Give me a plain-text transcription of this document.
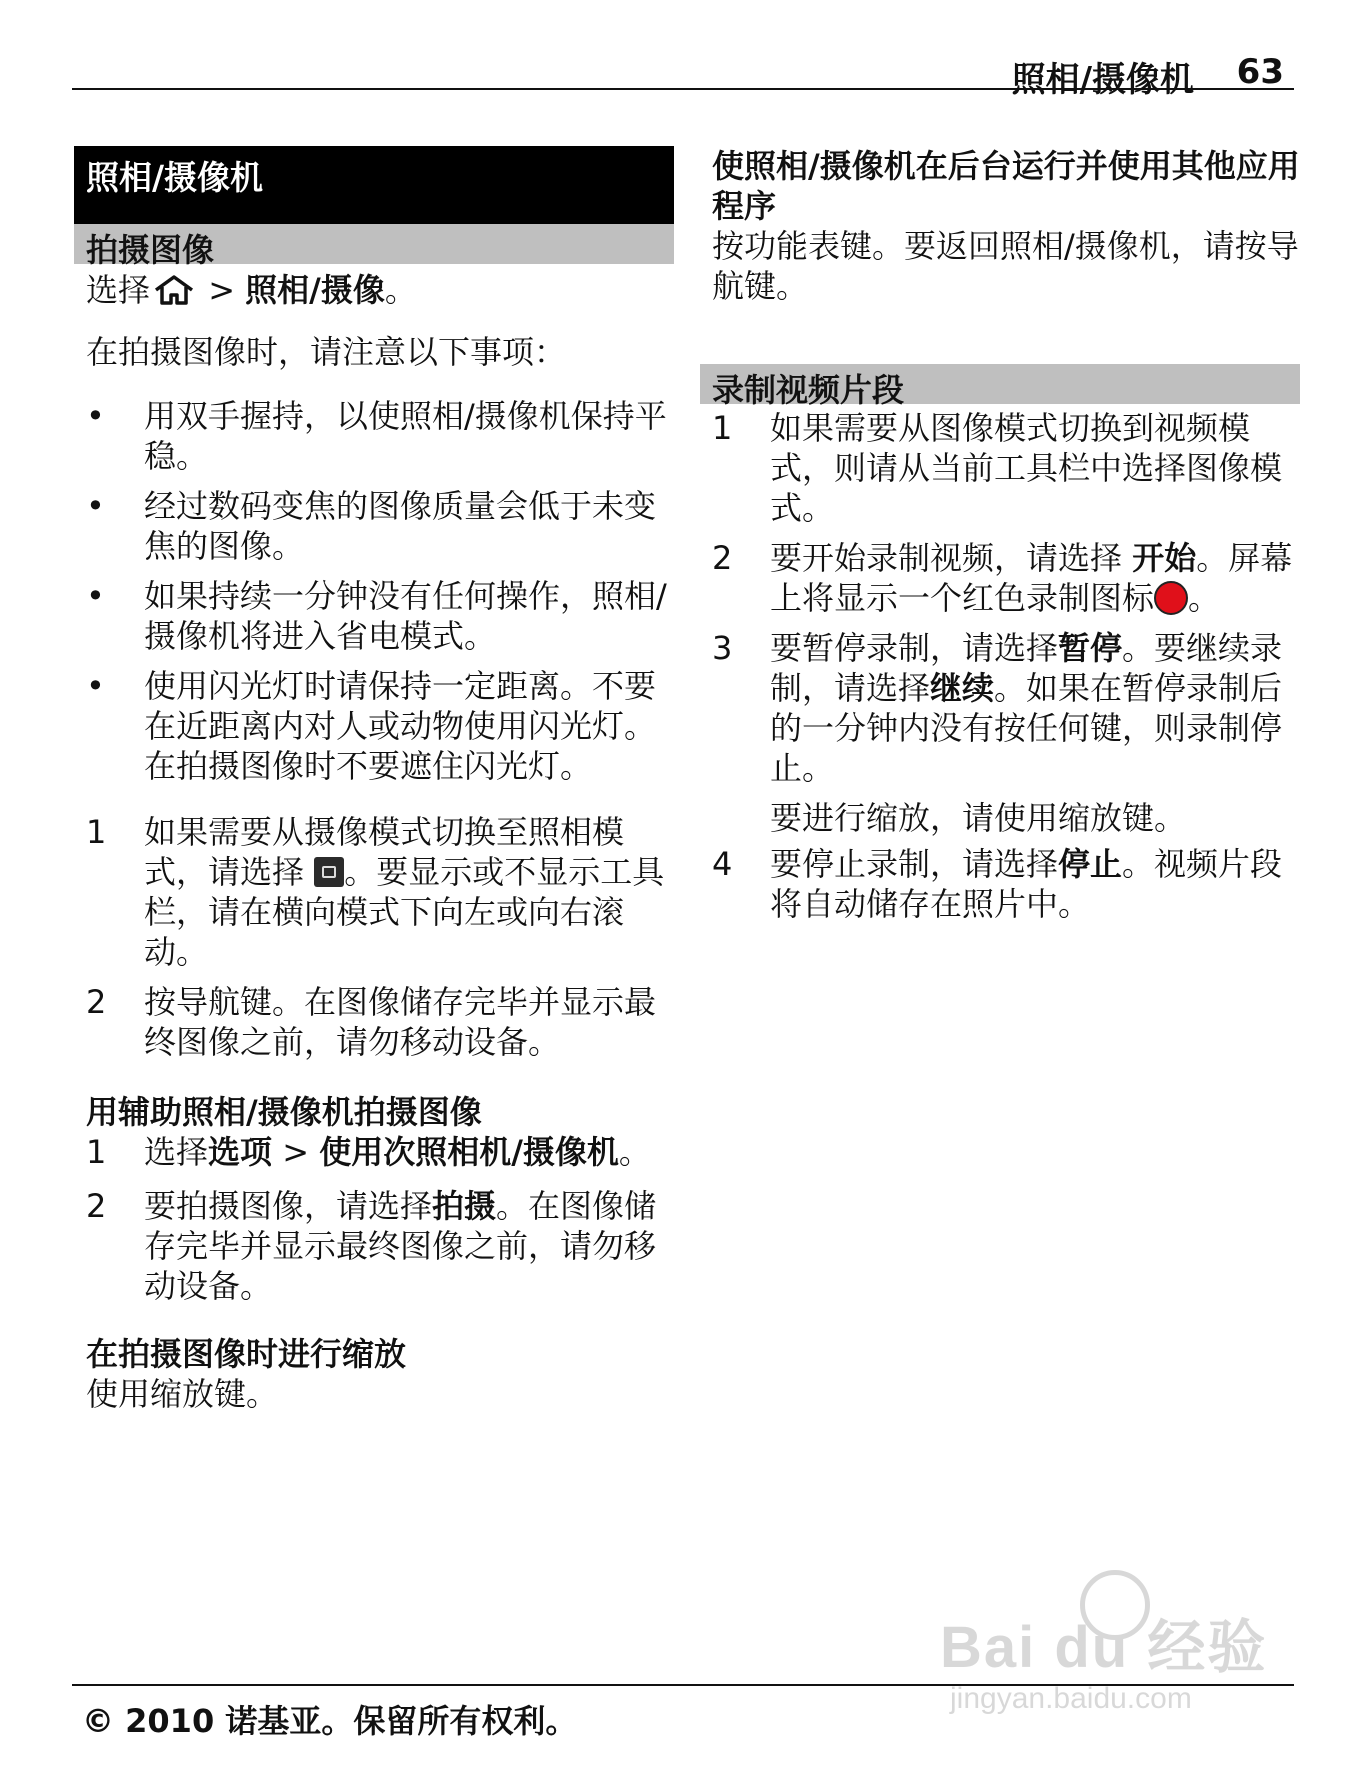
照相/摄像机 63
照相/摄像机
拍摄图像

选择 > 照相/摄像。

在拍摄图像时，请注意以下事项：

• 用双手握持，以使照相/摄像机保持平稳。
• 经过数码变焦的图像质量会低于未变焦的图像。
• 如果持续一分钟没有任何操作，照相/摄像机将进入省电模式。
• 使用闪光灯时请保持一定距离。不要在近距离内对人或动物使用闪光灯。在拍摄图像时不要遮住闪光灯。
1 如果需要从摄像模式切换至照相模式，请选择 。要显示或不显示工具栏，请在横向模式下向左或向右滚动。
2 按导航键。在图像储存完毕并显示最终图像之前，请勿移动设备。
用辅助照相/摄像机拍摄图像
1 选择选项 > 使用次照相机/摄像机。
2 要拍摄图像，请选择拍摄。在图像储存完毕并显示最终图像之前，请勿移动设备。
在拍摄图像时进行缩放

使用缩放键。

使照相/摄像机在后台运行并使用其他应用程序

按功能表键。要返回照相/摄像机，请按导航键。

录制视频片段
1 如果需要从图像模式切换到视频模式，则请从当前工具栏中选择图像模式。
2 要开始录制视频，请选择 开始。屏幕上将显示一个红色录制图标 。
3 要暂停录制，请选择暂停。要继续录制，请选择继续。如果在暂停录制后的一分钟内没有按任何键，则录制停止。
要进行缩放，请使用缩放键。
4 要停止录制，请选择停止。视频片段将自动储存在照片中。
Bai du 经验
jingyan.baidu.com
© 2010 诺基亚。保留所有权利。
